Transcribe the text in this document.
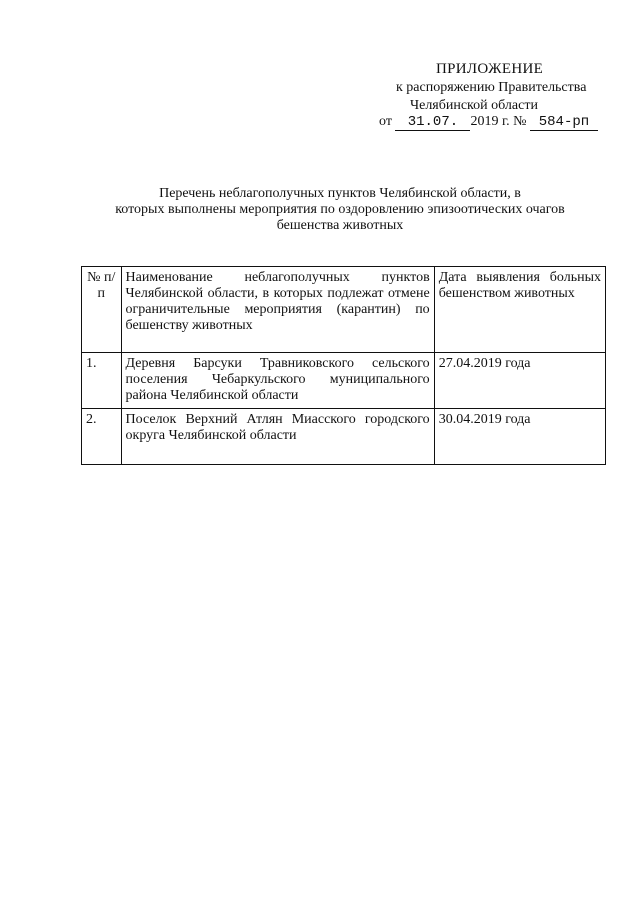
ПРИЛОЖЕНИЕ
к распоряжению Правительства
Челябинской области
от 31.07. 2019 г. № 584-рп
Перечень неблагополучных пунктов Челябинской области, в
которых выполнены мероприятия по оздоровлению эпизоотических очагов
бешенства животных
№ п/п	Наименование неблагополучных пунктов Челябинской области, в которых подлежат отмене ограничительные мероприятия (карантин) по бешенству животных	Дата выявления больных бешенством животных
1.	Деревня Барсуки Травниковского сельского поселения Чебаркульского муниципального района Челябинской области	27.04.2019 года
2.	Поселок Верхний Атлян Миасского городского округа Челябинской области	30.04.2019 года
